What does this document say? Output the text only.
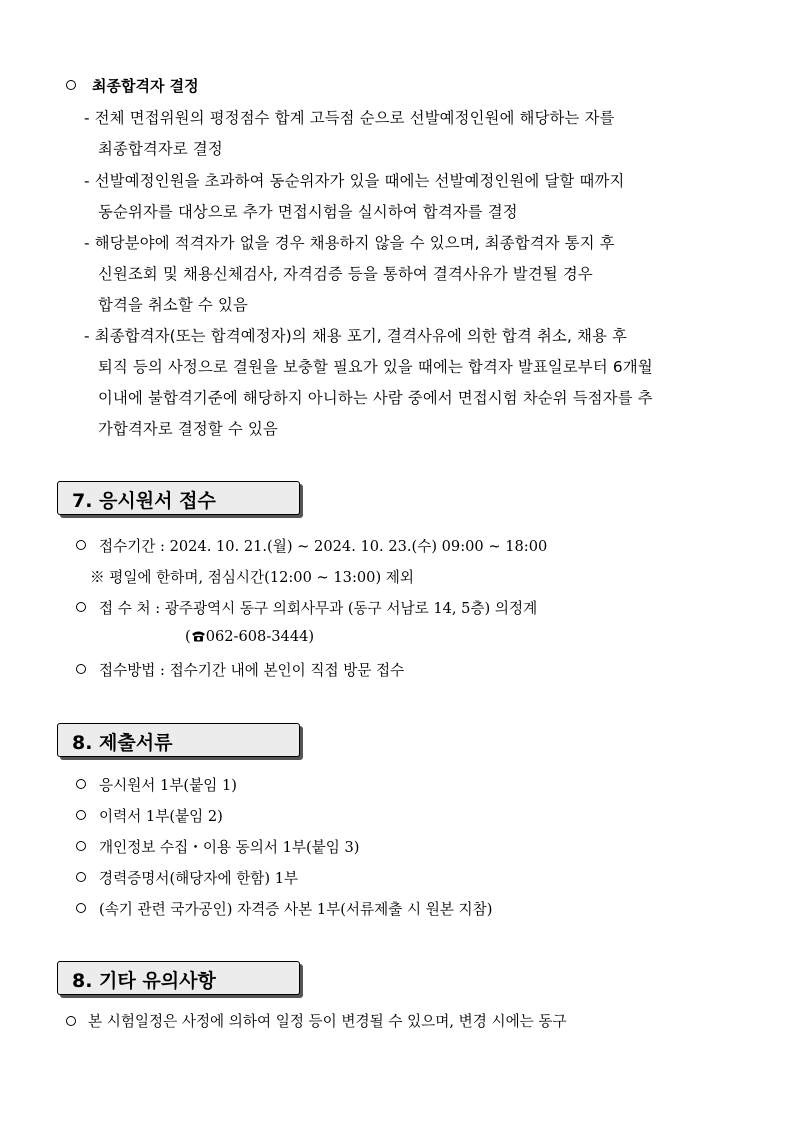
최종합격자 결정
- 전체 면접위원의 평정점수 합계 고득점 순으로 선발예정인원에 해당하는 자를
최종합격자로 결정
- 선발예정인원을 초과하여 동순위자가 있을 때에는 선발예정인원에 달할 때까지
동순위자를 대상으로 추가 면접시험을 실시하여 합격자를 결정
- 해당분야에 적격자가 없을 경우 채용하지 않을 수 있으며, 최종합격자 통지 후
신원조회 및 채용신체검사, 자격검증 등을 통하여 결격사유가 발견될 경우
합격을 취소할 수 있음
- 최종합격자(또는 합격예정자)의 채용 포기, 결격사유에 의한 합격 취소, 채용 후
퇴직 등의 사정으로 결원을 보충할 필요가 있을 때에는 합격자 발표일로부터 6개월
이내에 불합격기준에 해당하지 아니하는 사람 중에서 면접시험 차순위 득점자를 추
가합격자로 결정할 수 있음
7. 응시원서 접수
접수기간 : 2024. 10. 21.(월) ~ 2024. 10. 23.(수) 09:00 ~ 18:00
※ 평일에 한하며, 점심시간(12:00 ~ 13:00) 제외
접 수 처 : 광주광역시 동구 의회사무과 (동구 서남로 14, 5층) 의정계
( 062-608-3444)
접수방법 : 접수기간 내에 본인이 직접 방문 접수
8. 제출서류
응시원서 1부(붙임 1)
이력서 1부(붙임 2)
개인정보 수집・이용 동의서 1부(붙임 3)
경력증명서(해당자에 한함) 1부
(속기 관련 국가공인) 자격증 사본 1부(서류제출 시 원본 지참)
8. 기타 유의사항
본 시험일정은 사정에 의하여 일정 등이 변경될 수 있으며, 변경 시에는 동구
